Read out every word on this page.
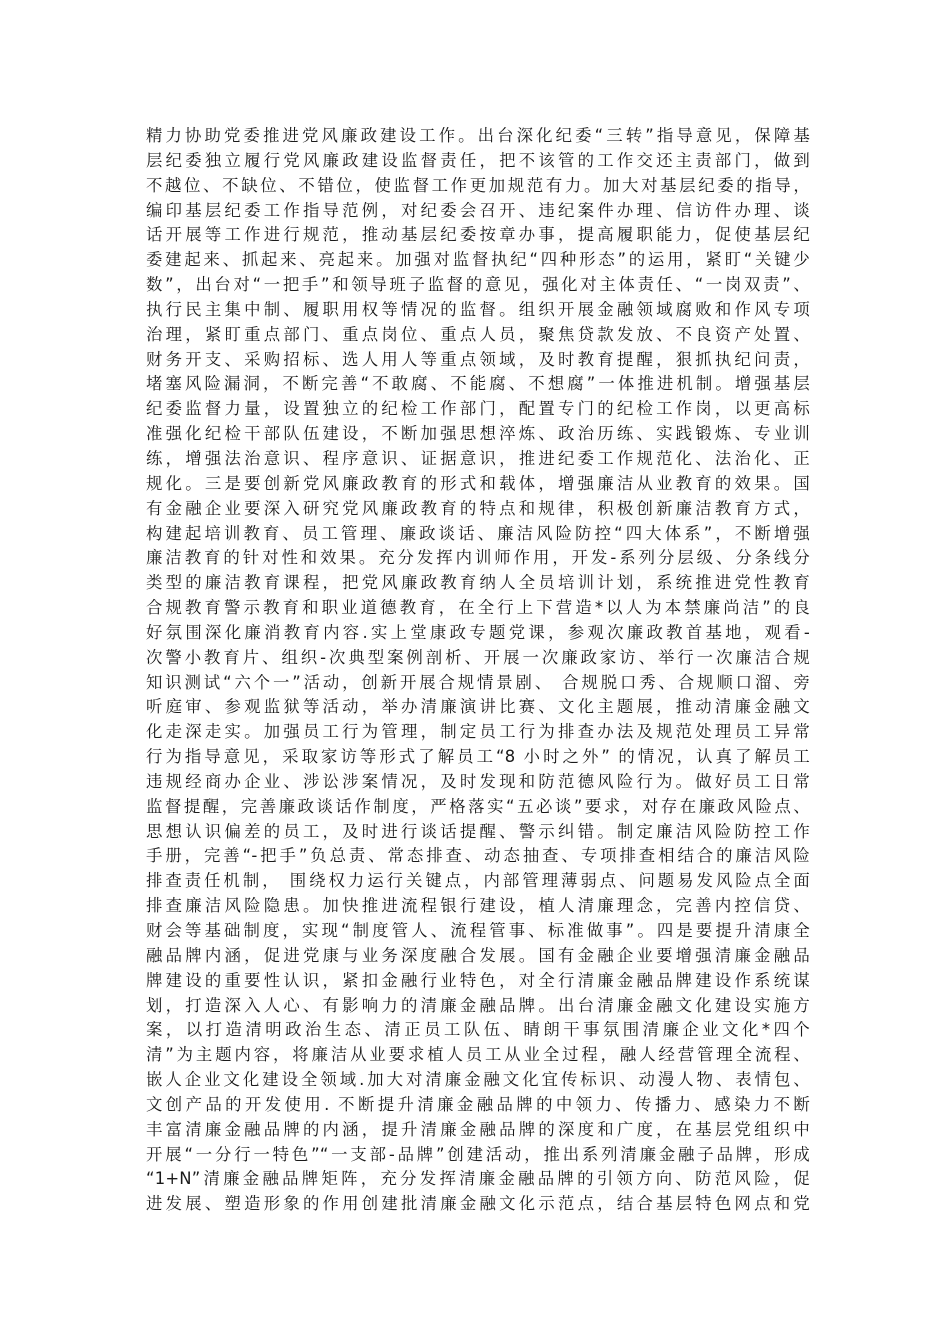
精力协助党委推进党风廉政建设工作。出台深化纪委“三转”指导意见，保障基
层纪委独立履行党风廉政建设监督责任，把不该管的工作交还主责部门，做到
不越位、不缺位、不错位，使监督工作更加规范有力。加大对基层纪委的指导，
编印基层纪委工作指导范例，对纪委会召开、违纪案件办理、信访件办理、谈
话开展等工作进行规范，推动基层纪委按章办事，提高履职能力，促使基层纪
委建起来、抓起来、亮起来。加强对监督执纪“四种形态”的运用，紧盯“关键少
数”，出台对“一把手”和领导班子监督的意见，强化对主体责任、“一岗双责”、
执行民主集中制、履职用权等情况的监督。组织开展金融领域腐败和作风专项
治理，紧盯重点部门、重点岗位、重点人员，聚焦贷款发放、不良资产处置、
财务开支、采购招标、选人用人等重点领域，及时教育提醒，狠抓执纪问责，
堵塞风险漏洞，不断完善“不敢腐、不能腐、不想腐”一体推进机制。增强基层
纪委监督力量，设置独立的纪检工作部门，配置专门的纪检工作岗，以更高标
准强化纪检干部队伍建设，不断加强思想淬炼、政治历练、实践锻炼、专业训
练，增强法治意识、程序意识、证据意识，推进纪委工作规范化、法治化、正
规化。三是要创新党风廉政教育的形式和载体，增强廉洁从业教育的效果。国
有金融企业要深入研究党风廉政教育的特点和规律，积极创新廉洁教育方式，
构建起培训教育、员工管理、廉政谈话、廉洁风险防控“四大体系”，不断增强
廉洁教育的针对性和效果。充分发挥内训师作用，开发-系列分层级、分条线分
类型的廉洁教育课程，把党风廉政教育纳人全员培训计划，系统推进党性教育
合规教育警示教育和职业道德教育，在全行上下营造*以人为本禁廉尚洁”的良
好氛围深化廉消教育内容.实上堂康政专题党课，参观次廉政教首基地，观看-
次警小教育片、组织-次典型案例剖析、开展一次廉政家访、举行一次廉洁合规
知识测试“六个一”活动，创新开展合规情景剧、 合规脱口秀、合规顺口溜、旁
听庭审、参观监狱等活动，举办清廉演讲比赛、文化主题展，推动清廉金融文
化走深走实。加强员工行为管理，制定员工行为排查办法及规范处理员工异常
行为指导意见，采取家访等形式了解员工“8 小时之外” 的情况，认真了解员工
违规经商办企业、涉讼涉案情况，及时发现和防范德风险行为。做好员工日常
监督提醒，完善廉政谈话作制度，严格落实“五必谈”要求，对存在廉政风险点、
思想认识偏差的员工，及时进行谈话提醒、警示纠错。制定廉洁风险防控工作
手册，完善“-把手”负总责、常态排查、动态抽查、专项排查相结合的廉洁风险
排查责任机制， 围绕权力运行关键点，内部管理薄弱点、问题易发风险点全面
排查廉洁风险隐患。加快推进流程银行建设，植人清廉理念，完善内控信贷、
财会等基础制度，实现“制度管人、流程管事、标准做事”。四是要提升清康全
融品牌内涵，促进党康与业务深度融合发展。国有金融企业要增强清廉金融品
牌建设的重要性认识，紧扣金融行业特色，对全行清廉金融品牌建设作系统谋
划，打造深入人心、有影响力的清廉金融品牌。出台清廉金融文化建设实施方
案，以打造清明政治生态、清正员工队伍、睛朗干事氛围清廉企业文化*四个
清”为主题内容，将廉洁从业要求植人员工从业全过程，融人经营管理全流程、
嵌人企业文化建设全领域.加大对清廉金融文化宜传标识、动漫人物、表情包、
文创产品的开发使用. 不断提升清廉金融品牌的中领力、传播力、感染力不断
丰富清廉金融品牌的内涵，提升清廉金融品牌的深度和广度，在基层党组织中
开展“一分行一特色”“一支部-品牌”创建活动，推出系列清廉金融子品牌，形成
“1+N”清廉金融品牌矩阵，充分发挥清廉金融品牌的引领方向、防范风险，促
进发展、塑造形象的作用创建批清廉金融文化示范点，结合基层特色网点和党
